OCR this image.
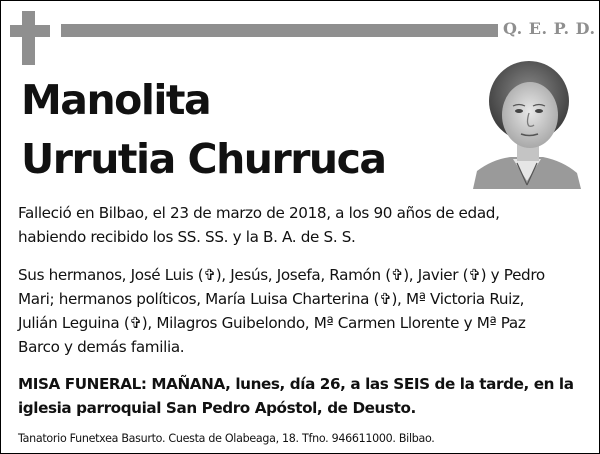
Q. E. P. D.
Manolita
Urrutia Churruca
Falleció en Bilbao, el 23 de marzo de 2018, a los 90 años de edad,
habiendo recibido los SS. SS. y la B. A. de S. S.
Sus hermanos, José Luis (✞), Jesús, Josefa, Ramón (✞), Javier (✞) y Pedro
Mari; hermanos políticos, María Luisa Charterina (✞), Mª Victoria Ruiz,
Julián Leguina (✞), Milagros Guibelondo, Mª Carmen Llorente y Mª Paz
Barco y demás familia.
MISA FUNERAL: MAÑANA, lunes, día 26, a las SEIS de la tarde, en la
iglesia parroquial San Pedro Apóstol, de Deusto.
Tanatorio Funetxea Basurto. Cuesta de Olabeaga, 18. Tfno. 946611000. Bilbao.
